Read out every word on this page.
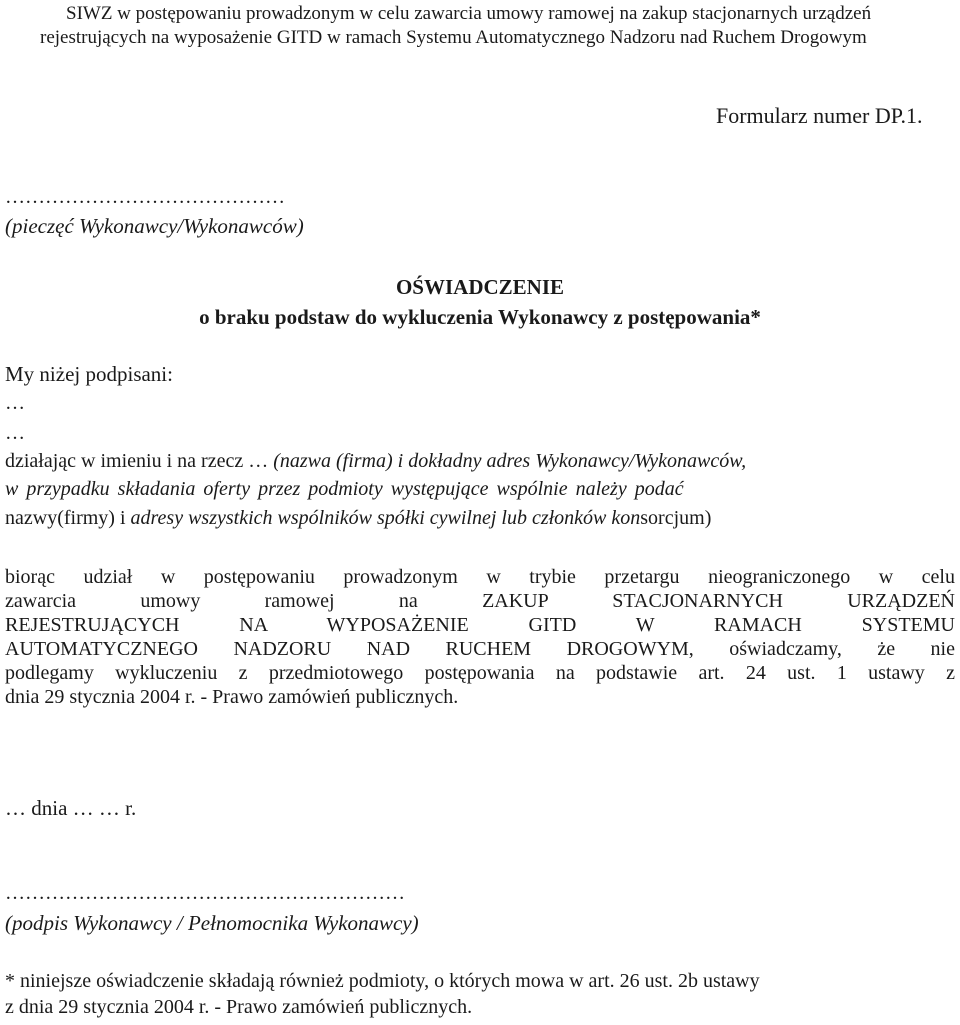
SIWZ w postępowaniu prowadzonym w celu zawarcia umowy ramowej na zakup stacjonarnych urządzeń
rejestrujących na wyposażenie GITD w ramach Systemu Automatycznego Nadzoru nad Ruchem Drogowym
Formularz numer DP.1.
……………………………………
(pieczęć Wykonawcy/Wykonawców)
OŚWIADCZENIE
o braku podstaw do wykluczenia Wykonawcy z postępowania*
My niżej podpisani:
…
…
działając w imieniu i na rzecz … (nazwa (firma) i dokładny adres Wykonawcy/Wykonawców,
w przypadku składania oferty przez podmioty występujące wspólnie należy podać
nazwy(firmy) i adresy wszystkich wspólników spółki cywilnej lub członków konsorcjum)
biorąc udział w postępowaniu prowadzonym w trybie przetargu nieograniczonego w celu
zawarcia umowy ramowej na ZAKUP STACJONARNYCH URZĄDZEŃ
REJESTRUJĄCYCH NA WYPOSAŻENIE GITD W RAMACH SYSTEMU
AUTOMATYCZNEGO NADZORU NAD RUCHEM DROGOWYM, oświadczamy, że nie
podlegamy wykluczeniu z przedmiotowego postępowania na podstawie art. 24 ust. 1 ustawy z
dnia 29 stycznia 2004 r. - Prawo zamówień publicznych.
… dnia … … r.
……………………………………………………
(podpis Wykonawcy / Pełnomocnika Wykonawcy)
* niniejsze oświadczenie składają również podmioty, o których mowa w art. 26 ust. 2b ustawy
z dnia 29 stycznia 2004 r. - Prawo zamówień publicznych.
